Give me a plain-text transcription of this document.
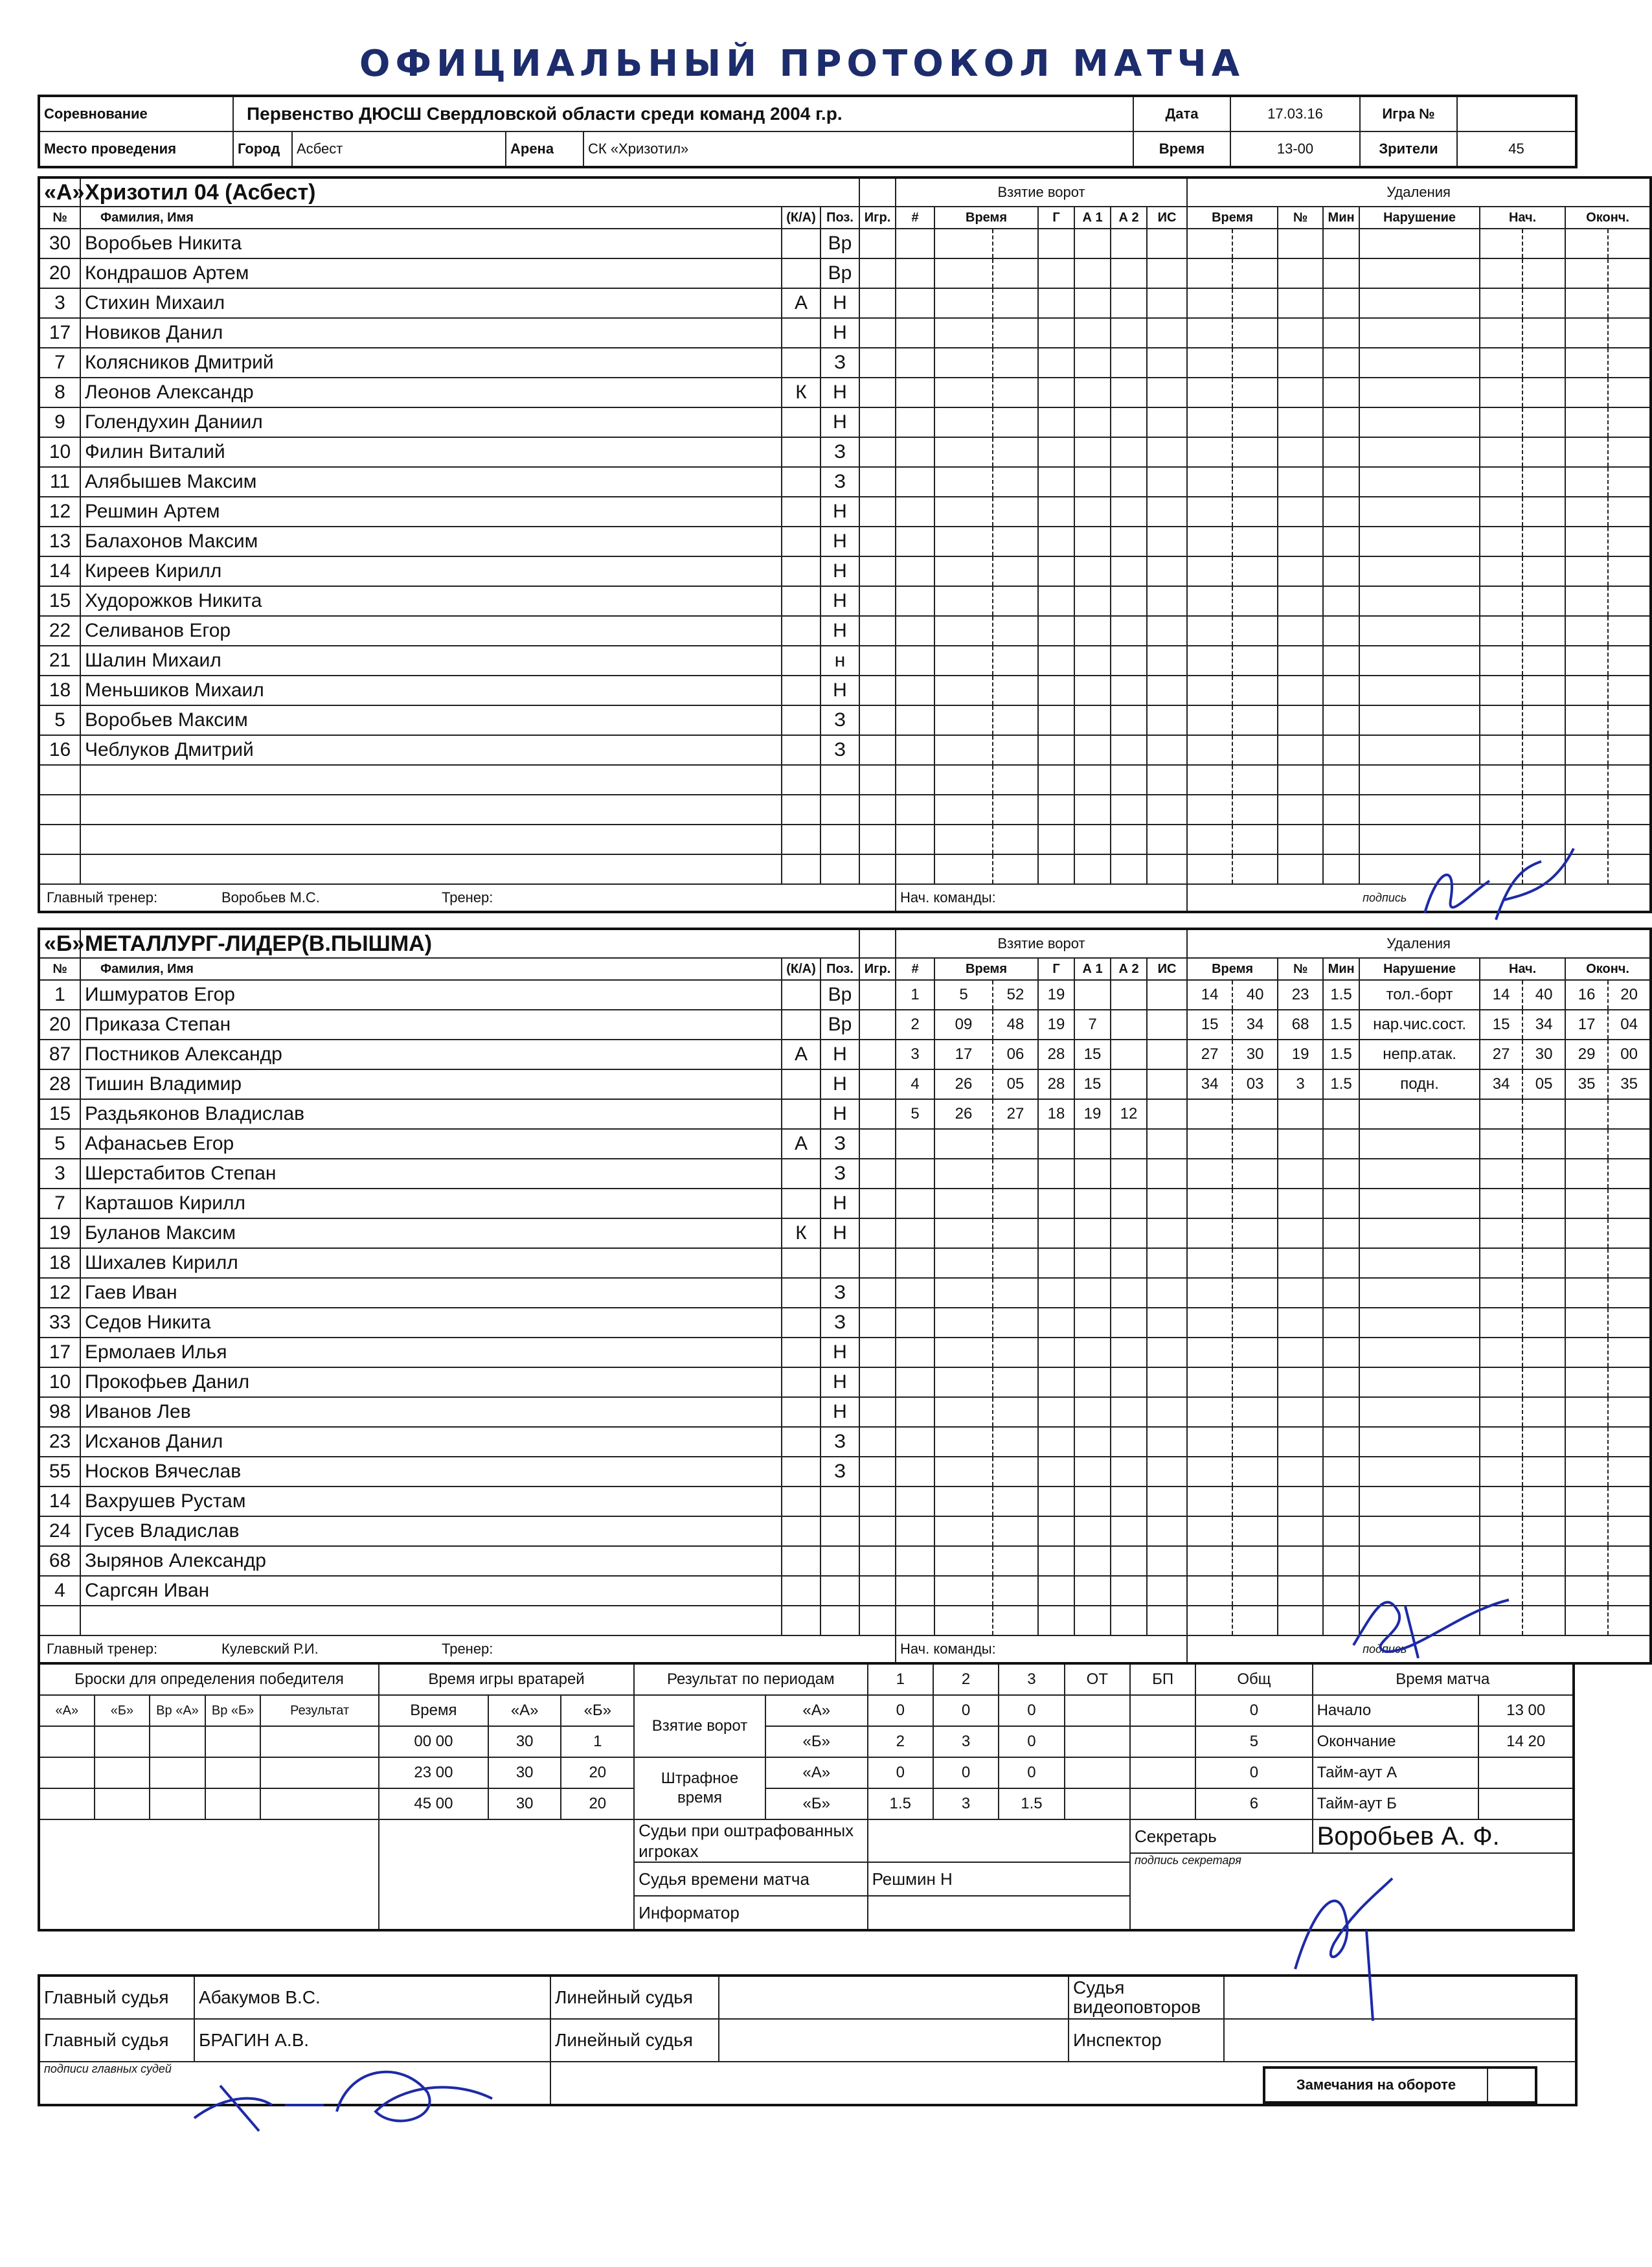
ОФИЦИАЛЬНЫЙ ПРОТОКОЛ МАТЧА
Соревнование	Первенство ДЮСШ Свердловской области среди команд 2004 г.р.	Дата	17.03.16	Игра №	
Место проведения		Город	Асбест	Арена	СК «Хризотил»
		Время	13-00	Зрители	45
«А»	Хризотил 04 (Асбест)				Взятие ворот							Удаления								
№	Фамилия, Имя	(К/А)	Поз.	Игр.	#	Время		Г	А 1	А 2	ИС	Время		№	Мин	Нарушение	Нач.		Оконч.	
30	Воробьев Никита		Вр																	
20	Кондрашов Артем		Вр																	
3	Стихин Михаил	А	Н																	
17	Новиков Данил		Н																	
7	Колясников Дмитрий		З																	
8	Леонов Александр	К	Н																	
9	Голендухин Даниил		Н																	
10	Филин Виталий		З																	
11	Алябышев Максим		З																	
12	Решмин Артем		Н																	
13	Балахонов Максим		Н																	
14	Киреев Кирилл		Н																	
15	Худорожков Никита		Н																	
22	Селиванов Егор		Н																	
21	Шалин Михаил		н																	
18	Меньшиков Михаил		Н																	
5	Воробьев Максим		З																	
16	Чеблуков Дмитрий		З																	

Главный тренер: Воробьев М.С. Тренер:					Нач. команды:							подпись								
«Б»	МЕТАЛЛУРГ-ЛИДЕР(В.ПЫШМА)				Взятие ворот							Удаления								
№	Фамилия, Имя	(К/А)	Поз.	Игр.	#	Время		Г	А 1	А 2	ИС	Время		№	Мин	Нарушение	Нач.		Оконч.	
1	Ишмуратов Егор		Вр		1	5	52	19				14	40	23	1.5	тол.-борт	14	40	16	20
20	Приказа Степан		Вр		2	09	48	19	7			15	34	68	1.5	нар.чис.сост.	15	34	17	04
87	Постников Александр	А	Н		3	17	06	28	15			27	30	19	1.5	непр.атак.	27	30	29	00
28	Тишин Владимир		Н		4	26	05	28	15			34	03	3	1.5	подн.	34	05	35	35
15	Раздьяконов Владислав		Н		5	26	27	18	19	12										
5	Афанасьев Егор	А	З																	
3	Шерстабитов Степан		З																	
7	Карташов Кирилл		Н																	
19	Буланов Максим	К	Н																	
18	Шихалев Кирилл																			
12	Гаев Иван		З																	
33	Седов Никита		З																	
17	Ермолаев Илья		Н																	
10	Прокофьев Данил		Н																	
98	Иванов Лев		Н																	
23	Исханов Данил		З																	
55	Носков Вячеслав		З																	
14	Вахрушев Рустам																			
24	Гусев Владислав																			
68	Зырянов Александр																			
4	Саргсян Иван																			

Главный тренер: Кулевский Р.И. Тренер:					Нач. команды:							подпись								
Броски для определения победителя					Время игры вратарей			Результат по периодам		1	2	3	ОТ	БП	Общ	Время матча	
«А»	«Б»	Вр «А»	Вр «Б»	Результат	Время	«А»	«Б»	Взятие ворот	«А»	0	0	0			0	Начало	13 00
					00 00	30	1		«Б»	2	3	0			5	Окончание	14 20
					23 00	30	20	Штрафное время	«А»	0	0	0			0	Тайм-аут А	
					45 00	30	20		«Б»	1.5	3	1.5			6	Тайм-аут Б	
								Судьи при оштрафованных игроках						Секретарь		Воробьев А. Ф.	
														подпись секретаря			
								Судья времени матча		Решмин Н							
								Информатор									
Главный судья	Абакумов В.С.	Линейный судья		Судья видеоповторов	
Главный судья	БРАГИН А.В.	Линейный судья		Инспектор	
подписи главных судей					
Замечания на обороте	
